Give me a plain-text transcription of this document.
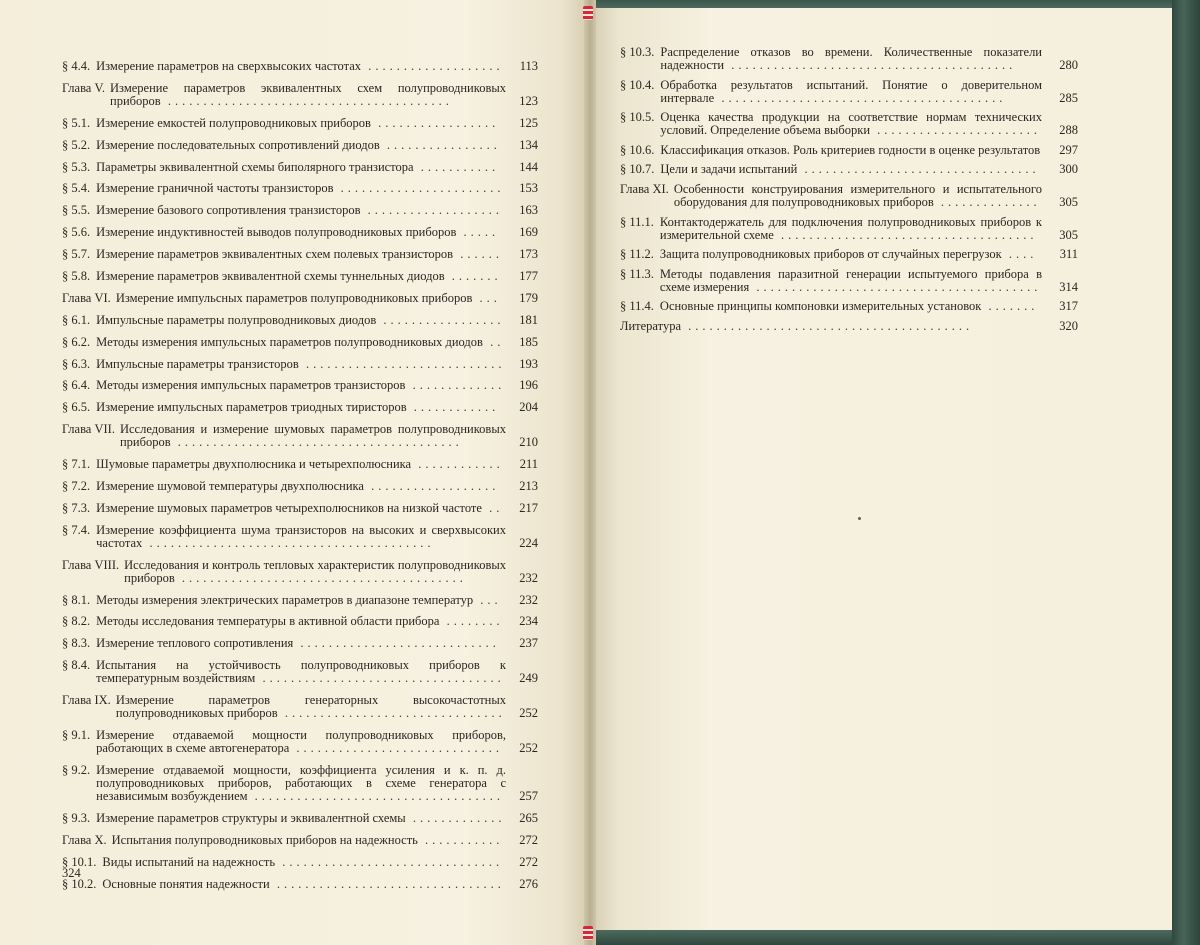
§ 4.4. Измерение параметров на сверхвысоких частотах ...................	113
Глава V. Измерение параметров эквивалентных схем полупроводниковых приборов ........................................	123
§ 5.1. Измерение емкостей полупроводниковых приборов .................	125
§ 5.2. Измерение последовательных сопротивлений диодов ................	134
§ 5.3. Параметры эквивалентной схемы биполярного транзистора ...........	144
§ 5.4. Измерение граничной частоты транзисторов .......................	153
§ 5.5. Измерение базового сопротивления транзисторов ...................	163
§ 5.6. Измерение индуктивностей выводов полупроводниковых приборов .....	169
§ 5.7. Измерение параметров эквивалентных схем полевых транзисторов ......	173
§ 5.8. Измерение параметров эквивалентной схемы туннельных диодов .......	177
Глава VI. Измерение импульсных параметров полупроводниковых приборов ...	179
§ 6.1. Импульсные параметры полупроводниковых диодов .................	181
§ 6.2. Методы измерения импульсных параметров полупроводниковых диодов ..	185
§ 6.3. Импульсные параметры транзисторов ............................	193
§ 6.4. Методы измерения импульсных параметров транзисторов .............	196
§ 6.5. Измерение импульсных параметров триодных тиристоров ............	204
Глава VII. Исследования и измерение шумовых параметров полупроводниковых приборов ........................................	210
§ 7.1. Шумовые параметры двухполюсника и четырехполюсника ............	211
§ 7.2. Измерение шумовой температуры двухполюсника ..................	213
§ 7.3. Измерение шумовых параметров четырехполюсников на низкой частоте ..	217
§ 7.4. Измерение коэффициента шума транзисторов на высоких и сверхвысоких частотах ........................................	224
Глава VIII. Исследования и контроль тепловых характеристик полупроводниковых приборов ........................................	232
§ 8.1. Методы измерения электрических параметров в диапазоне температур ...	232
§ 8.2. Методы исследования температуры в активной области прибора ........	234
§ 8.3. Измерение теплового сопротивления ............................	237
§ 8.4. Испытания на устойчивость полупроводниковых приборов к температурным воздействиям ..................................	249
Глава IX. Измерение параметров генераторных высокочастотных полупроводниковых приборов ...............................	252
§ 9.1. Измерение отдаваемой мощности полупроводниковых приборов, работающих в схеме автогенератора .............................	252
§ 9.2. Измерение отдаваемой мощности, коэффициента усиления и к. п. д. полупроводниковых приборов, работающих в схеме генератора с независимым возбуждением ...................................	257
§ 9.3. Измерение параметров структуры и эквивалентной схемы .............	265
Глава X. Испытания полупроводниковых приборов на надежность ...........	272
§ 10.1. Виды испытаний на надежность ...............................	272
§ 10.2. Основные понятия надежности ................................	276
324
§ 10.3. Распределение отказов во времени. Количественные показатели надежности ........................................	280
§ 10.4. Обработка результатов испытаний. Понятие о доверительном интервале ........................................	285
§ 10.5. Оценка качества продукции на соответствие нормам технических условий. Определение объема выборки .......................	288
§ 10.6. Классификация отказов. Роль критериев годности в оценке результатов	297
§ 10.7. Цели и задачи испытаний .................................	300
Глава XI. Особенности конструирования измерительного и испытательного оборудования для полупроводниковых приборов ..............	305
§ 11.1. Контактодержатель для подключения полупроводниковых приборов к измерительной схеме ....................................	305
§ 11.2. Защита полупроводниковых приборов от случайных перегрузок ....	311
§ 11.3. Методы подавления паразитной генерации испытуемого прибора в схеме измерения ........................................	314
§ 11.4. Основные принципы компоновки измерительных установок .......	317
Литература ........................................	320
